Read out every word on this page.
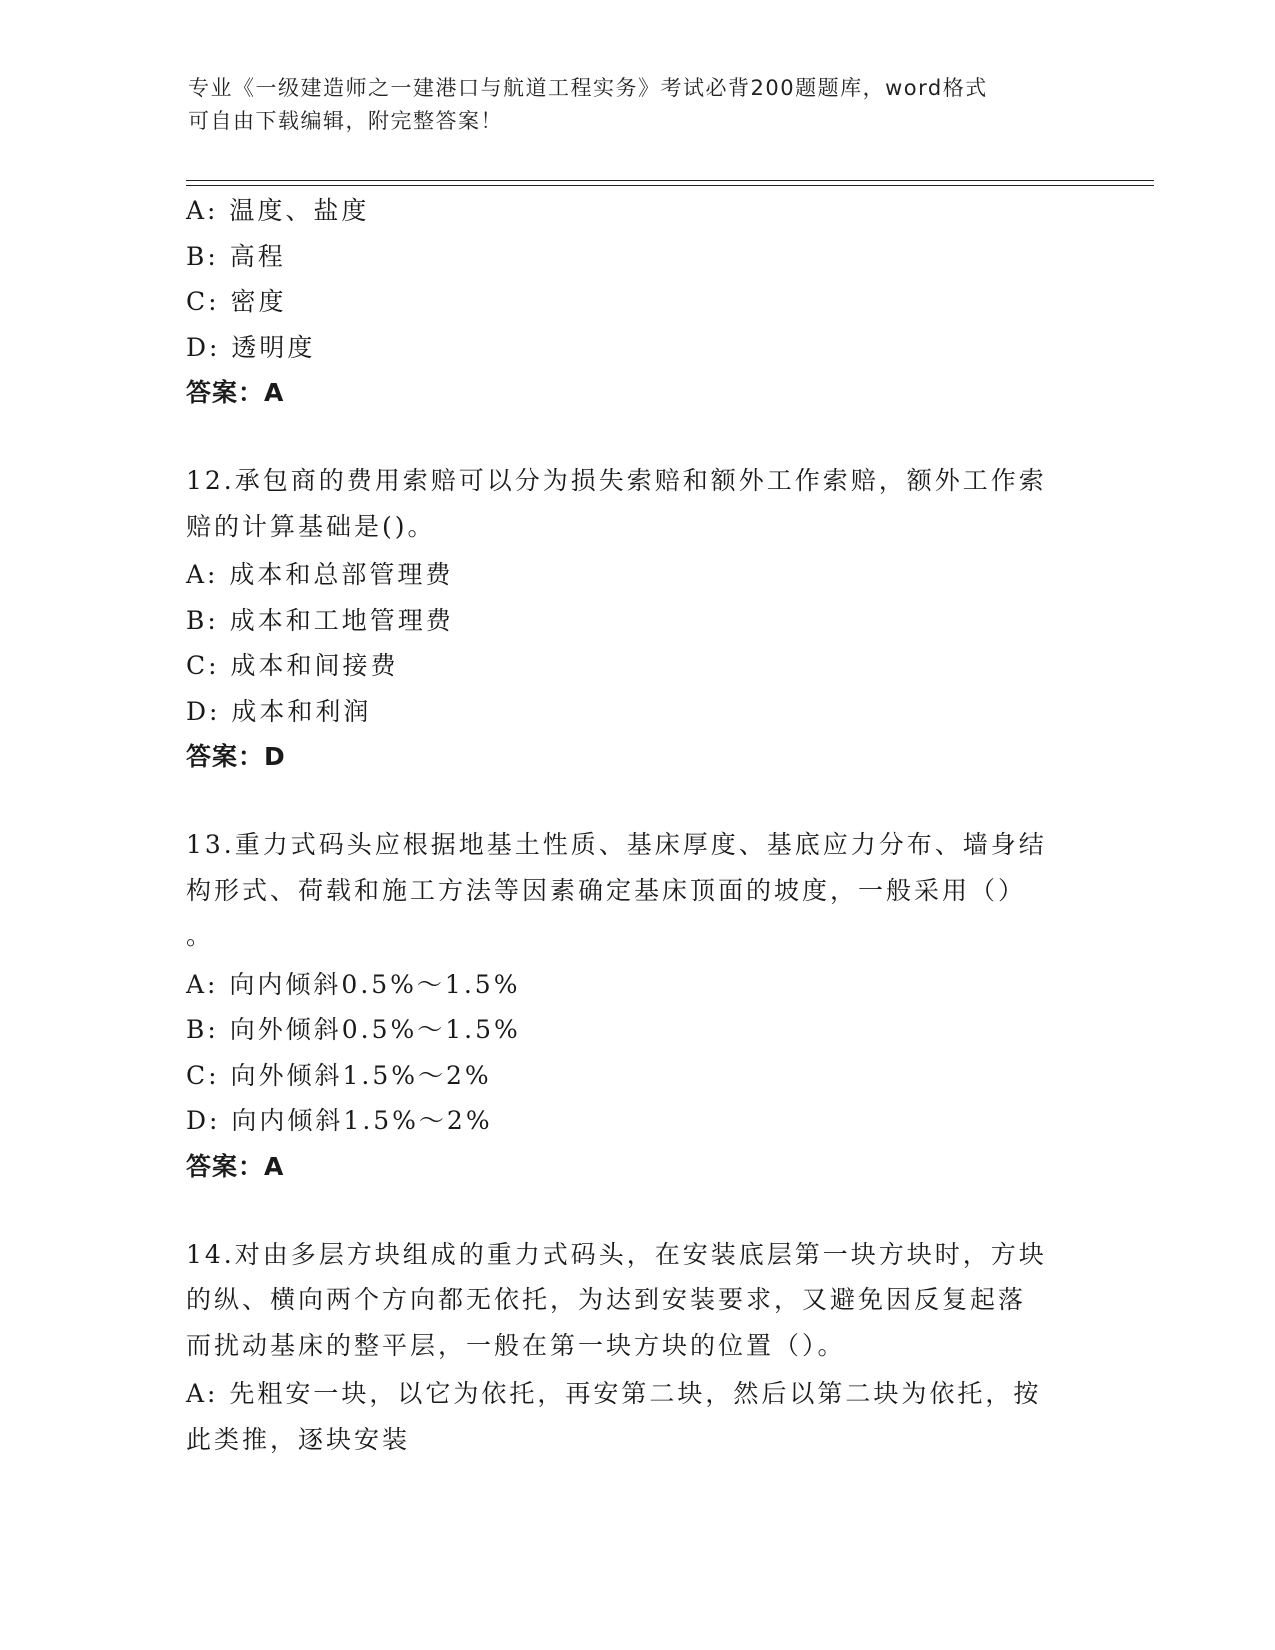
专业《一级建造师之一建港口与航道工程实务》考试必背200题题库，word格式
可自由下载编辑，附完整答案！
A: 温度、盐度
B: 高程
C: 密度
D: 透明度
答案：A
12.承包商的费用索赔可以分为损失索赔和额外工作索赔，额外工作索
赔的计算基础是()。
A: 成本和总部管理费
B: 成本和工地管理费
C: 成本和间接费
D: 成本和利润
答案：D
13.重力式码头应根据地基土性质、基床厚度、基底应力分布、墙身结
构形式、荷载和施工方法等因素确定基床顶面的坡度，一般采用（）
。
A: 向内倾斜0.5%～1.5%
B: 向外倾斜0.5%～1.5%
C: 向外倾斜1.5%～2%
D: 向内倾斜1.5%～2%
答案：A
14.对由多层方块组成的重力式码头，在安装底层第一块方块时，方块
的纵、横向两个方向都无依托，为达到安装要求，又避免因反复起落
而扰动基床的整平层，一般在第一块方块的位置（）。
A: 先粗安一块，以它为依托，再安第二块，然后以第二块为依托，按
此类推，逐块安装
